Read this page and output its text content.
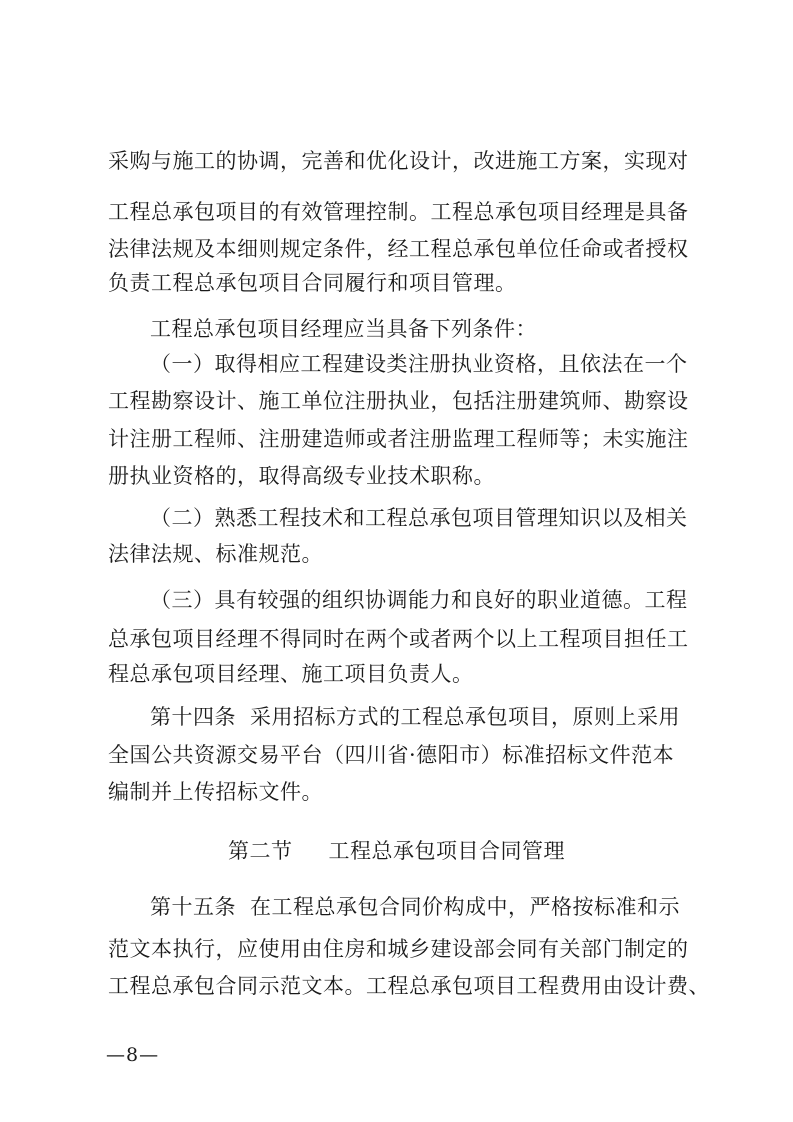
采购与施工的协调，完善和优化设计，改进施工方案，实现对
工程总承包项目的有效管理控制。工程总承包项目经理是具备
法律法规及本细则规定条件，经工程总承包单位任命或者授权
负责工程总承包项目合同履行和项目管理。
工程总承包项目经理应当具备下列条件：
（一）取得相应工程建设类注册执业资格，且依法在一个
工程勘察设计、施工单位注册执业，包括注册建筑师、勘察设
计注册工程师、注册建造师或者注册监理工程师等；未实施注
册执业资格的，取得高级专业技术职称。
（二）熟悉工程技术和工程总承包项目管理知识以及相关
法律法规、标准规范。
（三）具有较强的组织协调能力和良好的职业道德。工程
总承包项目经理不得同时在两个或者两个以上工程项目担任工
程总承包项目经理、施工项目负责人。
第十四条 采用招标方式的工程总承包项目，原则上采用
全国公共资源交易平台（四川省·德阳市）标准招标文件范本
编制并上传招标文件。
第二节 工程总承包项目合同管理
第十五条 在工程总承包合同价构成中，严格按标准和示
范文本执行，应使用由住房和城乡建设部会同有关部门制定的
工程总承包合同示范文本。工程总承包项目工程费用由设计费、
—8—
